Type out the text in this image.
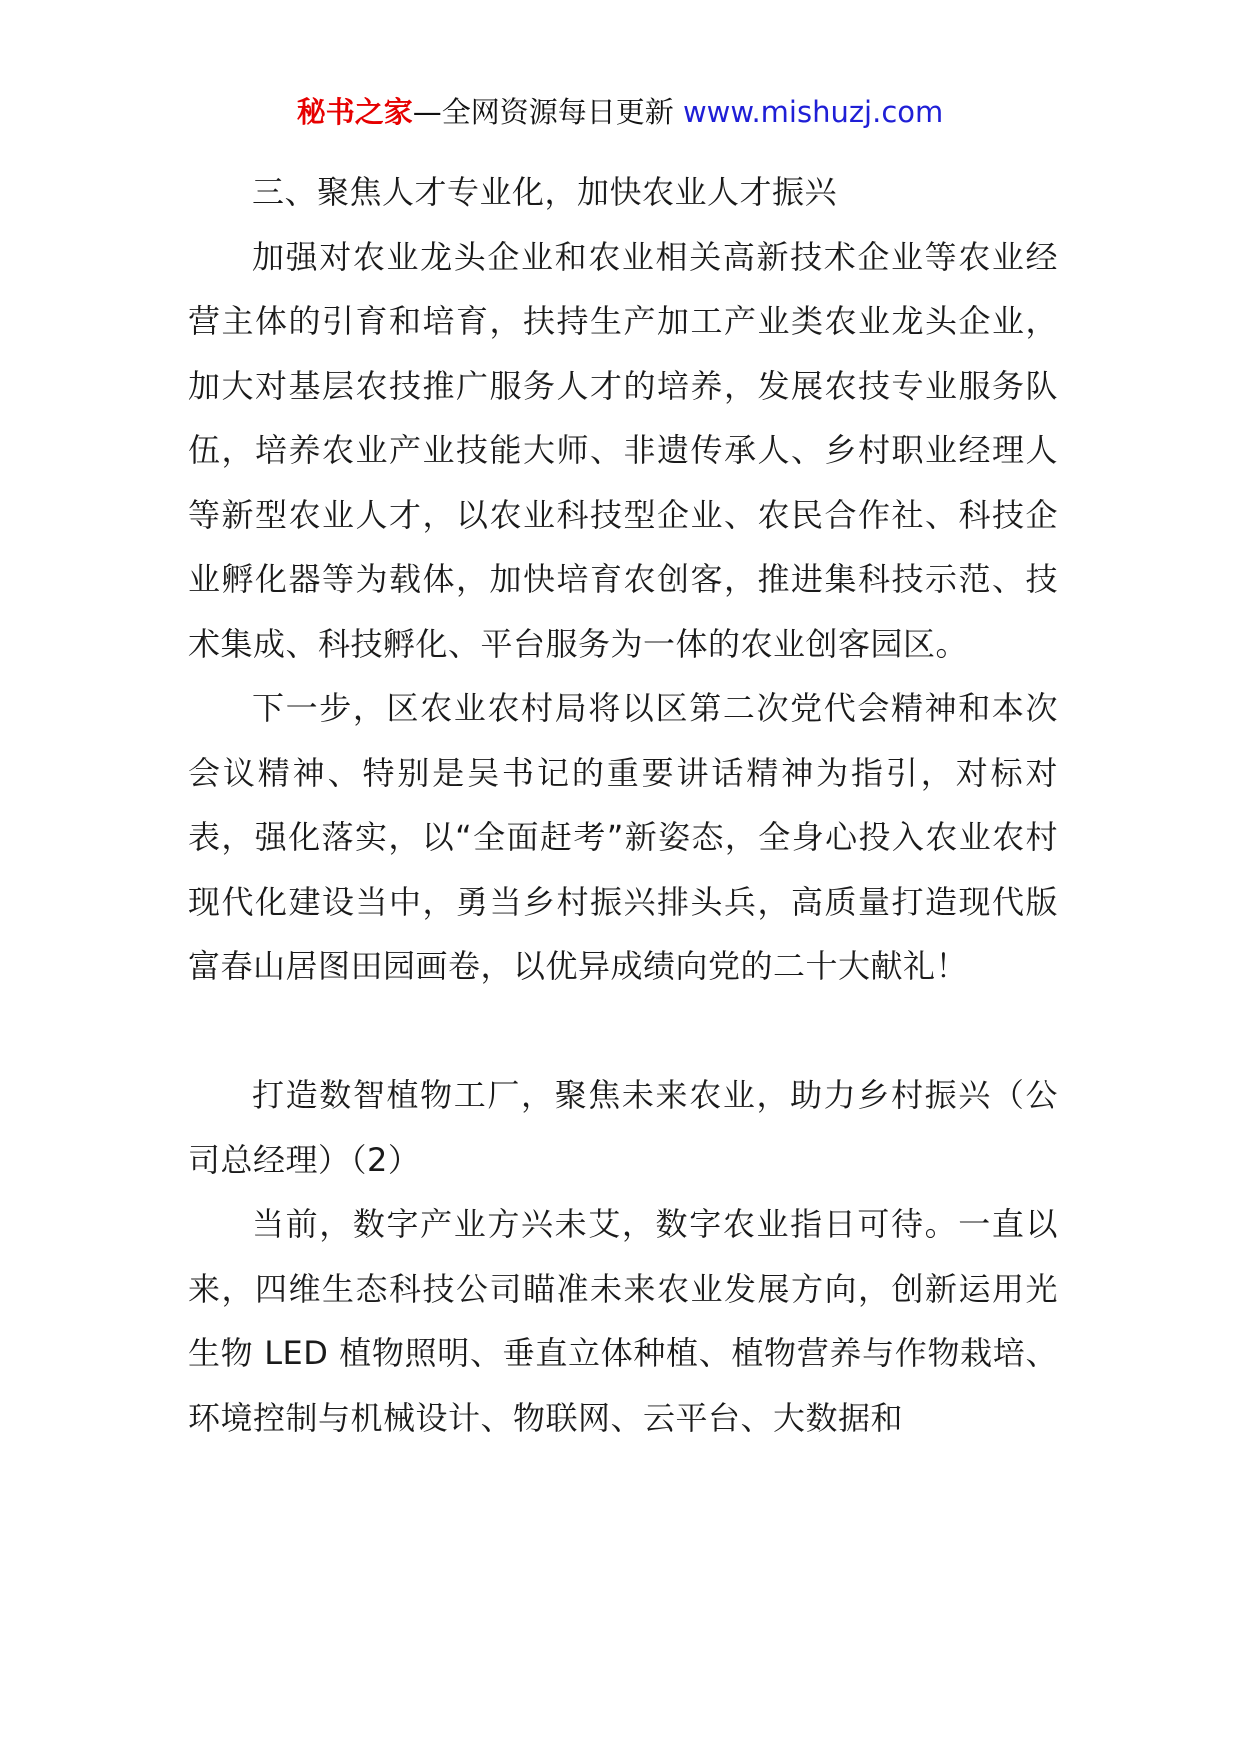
秘书之家—全网资源每日更新 www.mishuzj.com

三、聚焦人才专业化，加快农业人才振兴

加强对农业龙头企业和农业相关高新技术企业等农业经营主体的引育和培育，扶持生产加工产业类农业龙头企业，加大对基层农技推广服务人才的培养，发展农技专业服务队伍，培养农业产业技能大师、非遗传承人、乡村职业经理人等新型农业人才，以农业科技型企业、农民合作社、科技企业孵化器等为载体，加快培育农创客，推进集科技示范、技术集成、科技孵化、平台服务为一体的农业创客园区。

下一步，区农业农村局将以区第二次党代会精神和本次会议精神、特别是吴书记的重要讲话精神为指引，对标对表，强化落实，以“全面赶考”新姿态，全身心投入农业农村现代化建设当中，勇当乡村振兴排头兵，高质量打造现代版富春山居图田园画卷，以优异成绩向党的二十大献礼！

打造数智植物工厂，聚焦未来农业，助力乡村振兴（公司总经理）（2）

当前，数字产业方兴未艾，数字农业指日可待。一直以来，四维生态科技公司瞄准未来农业发展方向，创新运用光生物 LED 植物照明、垂直立体种植、植物营养与作物栽培、环境控制与机械设计、物联网、云平台、大数据和
